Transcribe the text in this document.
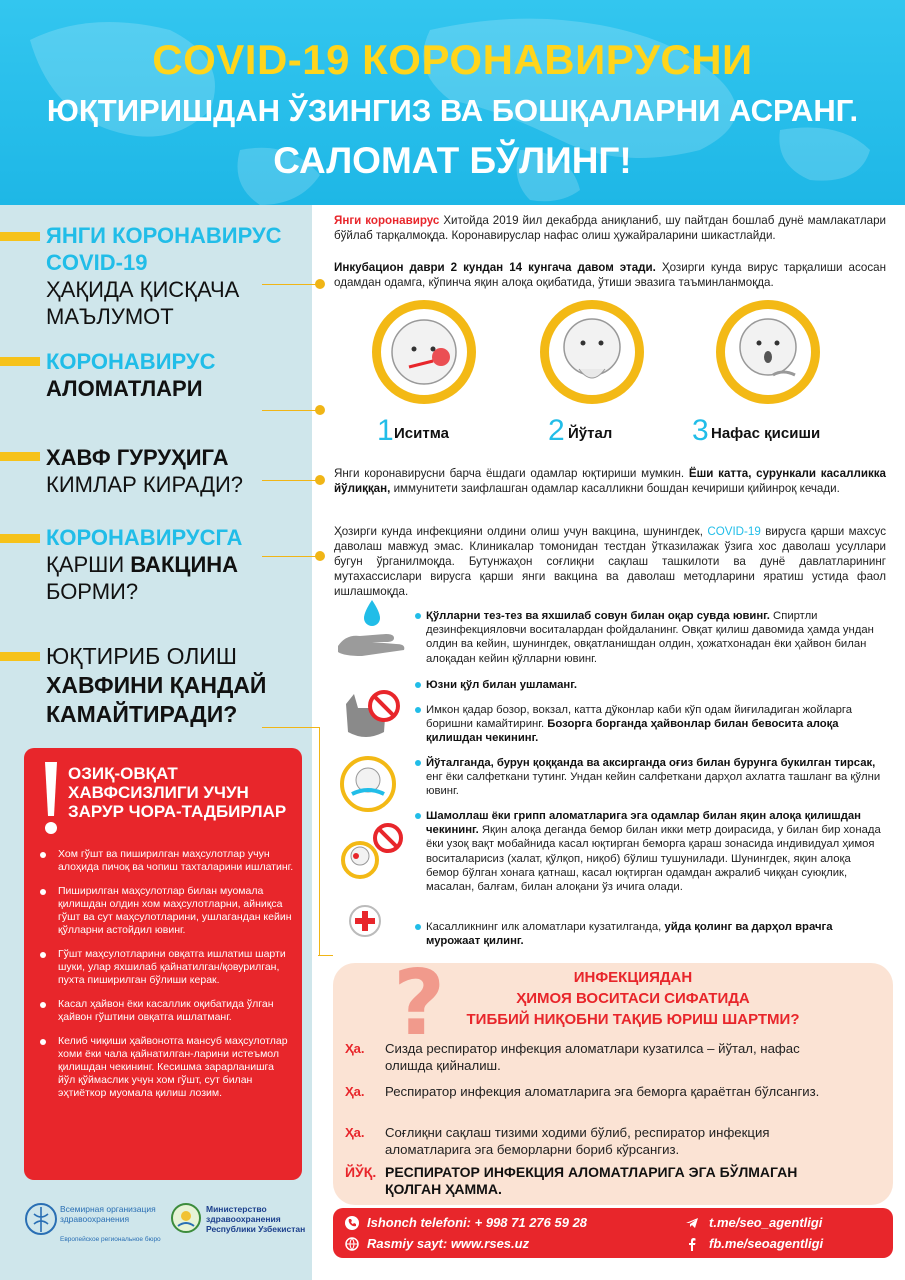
COVID-19 КОРОНАВИРУСНИ
ЮҚТИРИШДАН ЎЗИНГИЗ ВА БОШҚАЛАРНИ АСРАНГ.
САЛОМАТ БЎЛИНГ!
ЯНГИ КОРОНАВИРУС
COVID-19
ҲАҚИДА ҚИСҚАЧА
МАЪЛУМОТ
КОРОНАВИРУС
АЛОМАТЛАРИ
ХАВФ ГУРУҲИГА
КИМЛАР КИРАДИ?
КОРОНАВИРУСГА
ҚАРШИ ВАКЦИНА
БОРМИ?
ЮҚТИРИБ ОЛИШ
ХАВФИНИ ҚАНДАЙ
КАМАЙТИРАДИ?
ОЗИҚ-ОВҚАТ ХАВФСИЗЛИГИ УЧУН ЗАРУР ЧОРА-ТАДБИРЛАР
Хом гўшт ва пиширилган маҳсулотлар учун алоҳида пичоқ ва чопиш тахталарини ишлатинг.
Пиширилган маҳсулотлар билан муомала қилишдан олдин хом маҳсулотларни, айниқса гўшт ва сут маҳсулотларини, ушлагандан кейин қўлларни астойдил ювинг.
Гўшт маҳсулотларини овқатга ишлатиш шарти шуки, улар яхшилаб қайнатилган/қовурилган, пухта пиширилган бўлиши керак.
Касал ҳайвон ёки касаллик оқибатида ўлган ҳайвон гўштини овқатга ишлатманг.
Келиб чиқиши ҳайвонотга мансуб маҳсулотлар хоми ёки чала қайнатилган-ларини истеъмол қилишдан чекининг. Кесишма зарарланишга йўл қўймаслик учун хом гўшт, сут билан эҳтиёткор муомала қилиш лозим.
Всемирная организация здравоохранения
Европейское региональное бюро
Министерство здравоохранения Республики Узбекистан
Янги коронавирус Хитойда 2019 йил декабрда аниқланиб, шу пайтдан бошлаб дунё мамлакатлари бўйлаб тарқалмоқда. Коронавируслар нафас олиш ҳужайраларини шикастлайди.
Инкубацион даври 2 кундан 14 кунгача давом этади. Ҳозирги кунда вирус тарқалиши асосан одамдан одамга, кўпинча яқин алоқа оқибатида, ўтиши эвазига таъминланмоқда.
1 Иситма	2 Йўтал	3 Нафас қисиши
Янги коронавирусни барча ёшдаги одамлар юқтириши мумкин. Ёши катта, сурункали касалликка йўлиққан, иммунитети заифлашган одамлар касалликни бошдан кечириши қийинроқ кечади.
Ҳозирги кунда инфекцияни олдини олиш учун вакцина, шунингдек, COVID-19 вирусга қарши махсус даволаш мавжуд эмас. Клиникалар томонидан тестдан ўтказилажак ўзига хос даволаш усуллари бугун ўрганилмоқда. Бутунжаҳон соғлиқни сақлаш ташкилоти ва дунё давлатларининг мутахассислари вирусга қарши янги вакцина ва даволаш методларини яратиш устида фаол ишлашмоқда.
Қўлларни тез-тез ва яхшилаб совун билан оқар сувда ювинг. Спиртли дезинфекцияловчи воситалардан фойдаланинг. Овқат қилиш давомида ҳамда ундан олдин ва кейин, шунингдек, овқатланишдан олдин, ҳожатхонадан ёки ҳайвон билан алоқадан кейин қўлларни ювинг.
Юзни қўл билан ушламанг.
Имкон қадар бозор, вокзал, катта дўконлар каби кўп одам йиғиладиган жойларга боришни камайтиринг. Бозорга борганда ҳайвонлар билан бевосита алоқа қилишдан чекининг.
Йўталганда, бурун қоққанда ва аксирганда оғиз билан бурунга букилган тирсак, енг ёки салфеткани тутинг. Ундан кейин салфеткани дарҳол ахлатга ташланг ва қўлни ювинг.
Шамоллаш ёки грипп аломатларига эга одамлар билан яқин алоқа қилишдан чекининг. Яқин алоқа деганда бемор билан икки метр доирасида, у билан бир хонада ёки узоқ вақт мобайнида касал юқтирган беморга қараш зонасида индивидуал ҳимоя воситаларисиз (халат, қўлқоп, ниқоб) бўлиш тушунилади. Шунингдек, яқин алоқа бемор бўлган хонага қатнаш, касал юқтирган одамдан ажралиб чиққан суюқлик, масалан, балғам, билан алоқани ўз ичига олади.
Касалликнинг илк аломатлари кузатилганда, уйда қолинг ва дарҳол врачга мурожаат қилинг.
?	ИНФЕКЦИЯДАН
ҲИМОЯ ВОСИТАСИ СИФАТИДА
ТИББИЙ НИҚОБНИ ТАҚИБ ЮРИШ ШАРТМИ?
Ҳа. Сизда респиратор инфекция аломатлари кузатилса – йўтал, нафас олишда қийналиш.
Ҳа. Респиратор инфекция аломатларига эга беморга қараётган бўлсангиз.
Ҳа. Соғлиқни сақлаш тизими ходими бўлиб, респиратор инфекция аломатларига эга беморларни бориб кўрсангиз.
ЙЎҚ. РЕСПИРАТОР ИНФЕКЦИЯ АЛОМАТЛАРИГА ЭГА БЎЛМАГАН ҚОЛГАН ҲАММА.
Ishonch telefoni: + 998 71 276 59 28
Rasmiy sayt: www.rses.uz
t.me/seo_agentligi
fb.me/seoagentligi
